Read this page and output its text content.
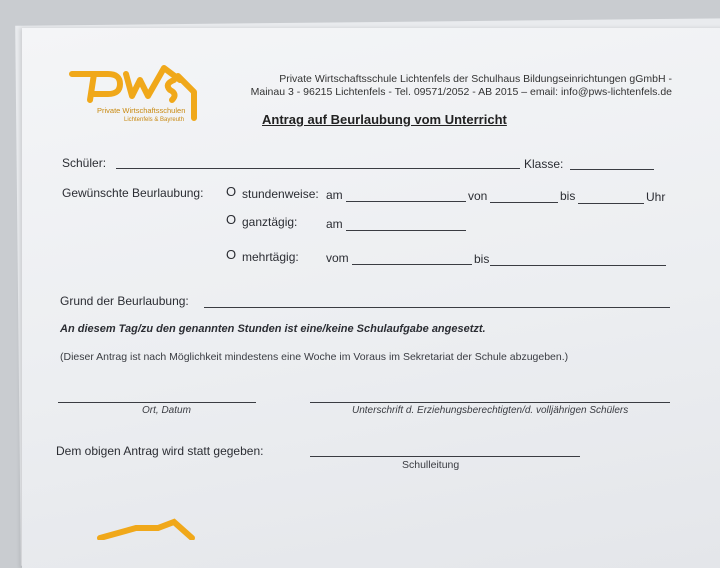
Private Wirtschaftsschulen
Lichtenfels & Bayreuth
Private Wirtschaftsschule Lichtenfels der Schulhaus Bildungseinrichtungen gGmbH -
Mainau 3 - 96215 Lichtenfels - Tel. 09571/2052 - AB 2015 – email: info@pws-lichtenfels.de
Antrag auf Beurlaubung vom Unterricht
Schüler:	Klasse:
Gewünschte Beurlaubung: O stundenweise: am	von	bis	Uhr
O ganztägig: am
O mehrtägig: vom	bis
Grund der Beurlaubung:
An diesem Tag/zu den genannten Stunden ist eine/keine Schulaufgabe angesetzt.
(Dieser Antrag ist nach Möglichkeit mindestens eine Woche im Voraus im Sekretariat der Schule abzugeben.)
Ort, Datum	Unterschrift d. Erziehungsberechtigten/d. volljährigen Schülers
Dem obigen Antrag wird statt gegeben:
Schulleitung
